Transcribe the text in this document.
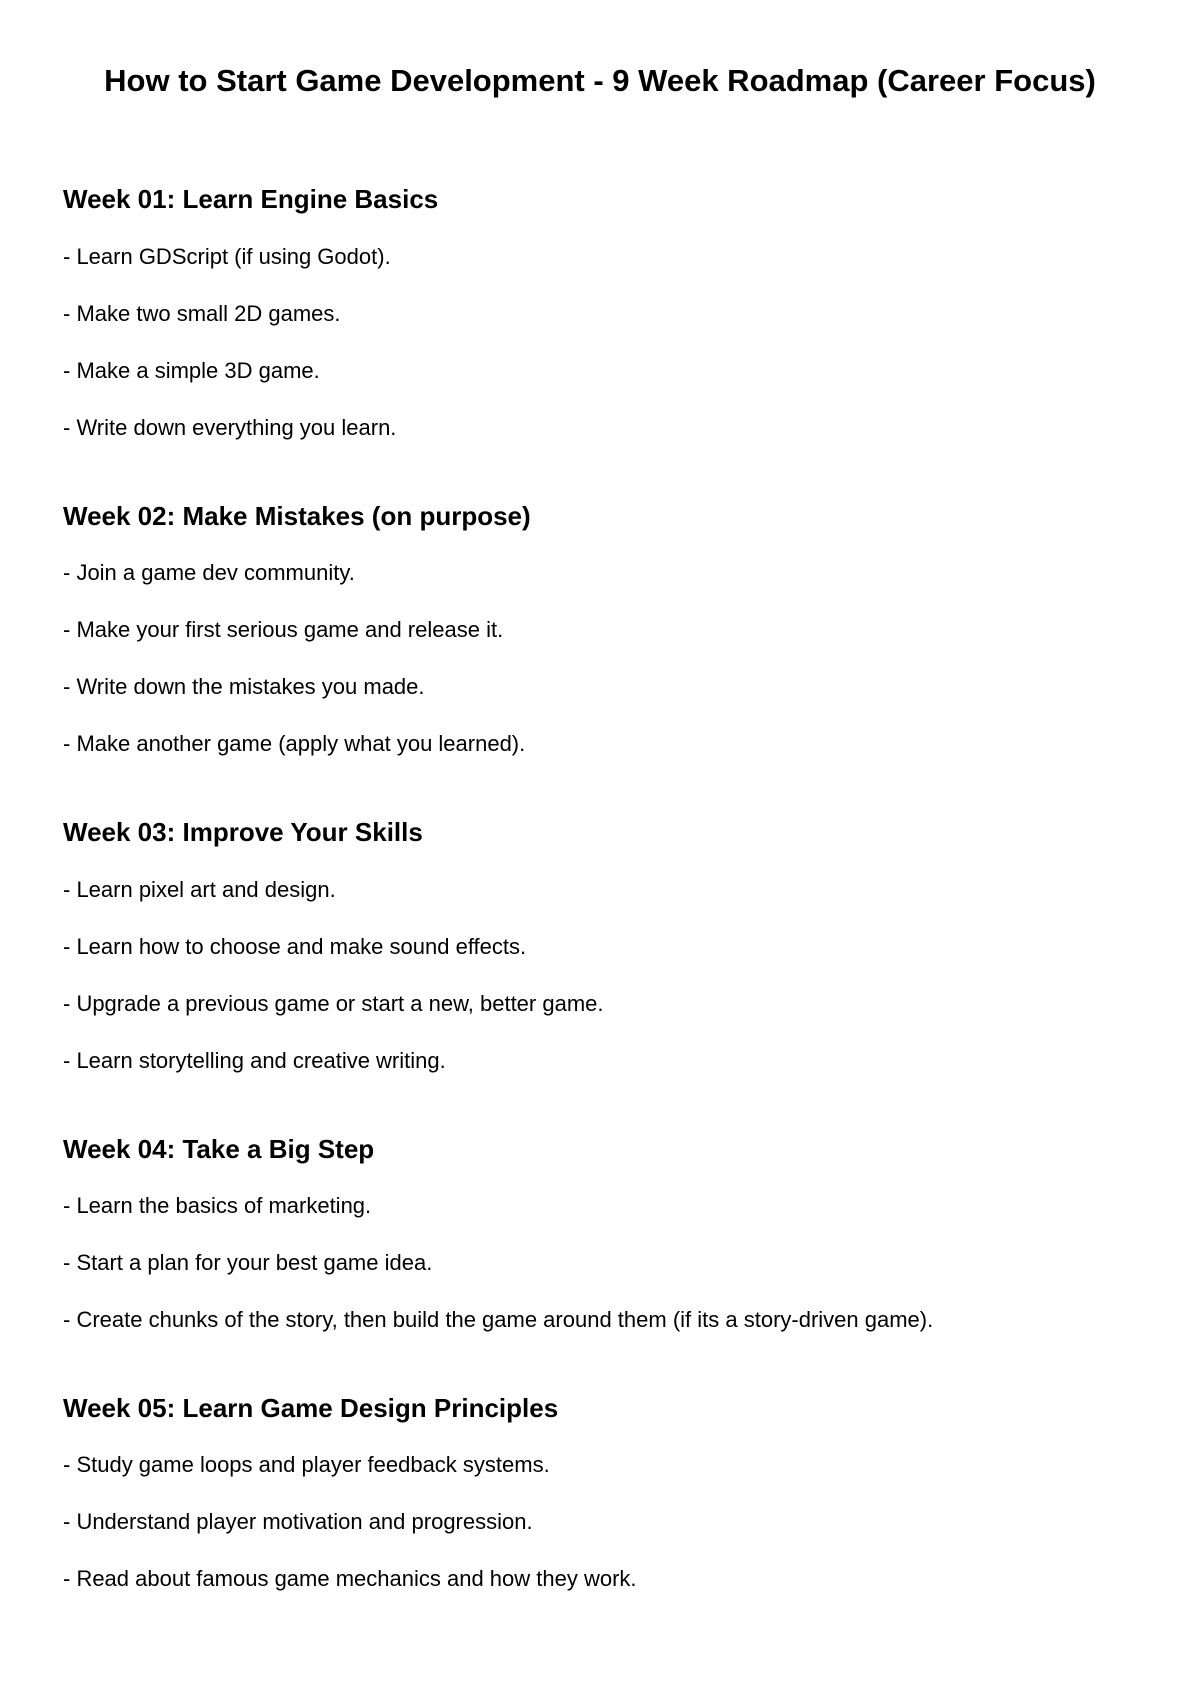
How to Start Game Development - 9 Week Roadmap (Career Focus)
Week 01: Learn Engine Basics

- Learn GDScript (if using Godot).

- Make two small 2D games.

- Make a simple 3D game.

- Write down everything you learn.

Week 02: Make Mistakes (on purpose)

- Join a game dev community.

- Make your first serious game and release it.

- Write down the mistakes you made.

- Make another game (apply what you learned).

Week 03: Improve Your Skills

- Learn pixel art and design.

- Learn how to choose and make sound effects.

- Upgrade a previous game or start a new, better game.

- Learn storytelling and creative writing.

Week 04: Take a Big Step

- Learn the basics of marketing.

- Start a plan for your best game idea.

- Create chunks of the story, then build the game around them (if its a story-driven game).

Week 05: Learn Game Design Principles

- Study game loops and player feedback systems.

- Understand player motivation and progression.

- Read about famous game mechanics and how they work.
